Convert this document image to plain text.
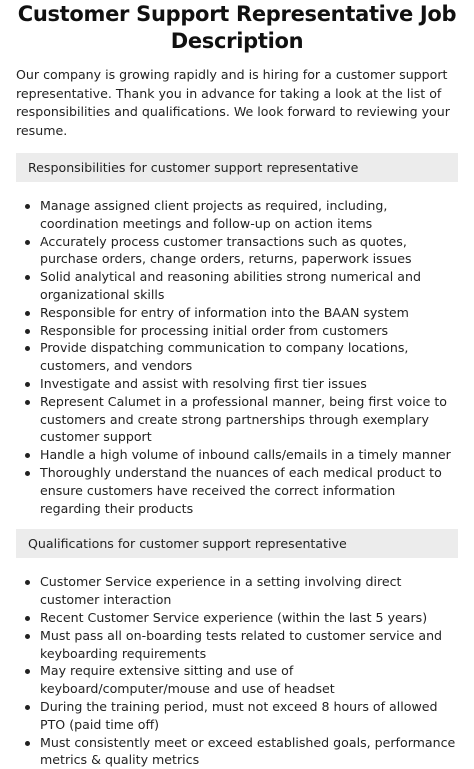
Customer Support Representative Job Description

Our company is growing rapidly and is hiring for a customer support representative. Thank you in advance for taking a look at the list of responsibilities and qualifications. We look forward to reviewing your resume.

Responsibilities for customer support representative
Manage assigned client projects as required, including, coordination meetings and follow-up on action items
Accurately process customer transactions such as quotes, purchase orders, change orders, returns, paperwork issues
Solid analytical and reasoning abilities strong numerical and organizational skills
Responsible for entry of information into the BAAN system
Responsible for processing initial order from customers
Provide dispatching communication to company locations, customers, and vendors
Investigate and assist with resolving first tier issues
Represent Calumet in a professional manner, being first voice to customers and create strong partnerships through exemplary customer support
Handle a high volume of inbound calls/emails in a timely manner
Thoroughly understand the nuances of each medical product to ensure customers have received the correct information regarding their products
Qualifications for customer support representative
Customer Service experience in a setting involving direct customer interaction
Recent Customer Service experience (within the last 5 years)
Must pass all on-boarding tests related to customer service and keyboarding requirements
May require extensive sitting and use of keyboard/computer/mouse and use of headset
During the training period, must not exceed 8 hours of allowed PTO (paid time off)
Must consistently meet or exceed established goals, performance metrics & quality metrics
